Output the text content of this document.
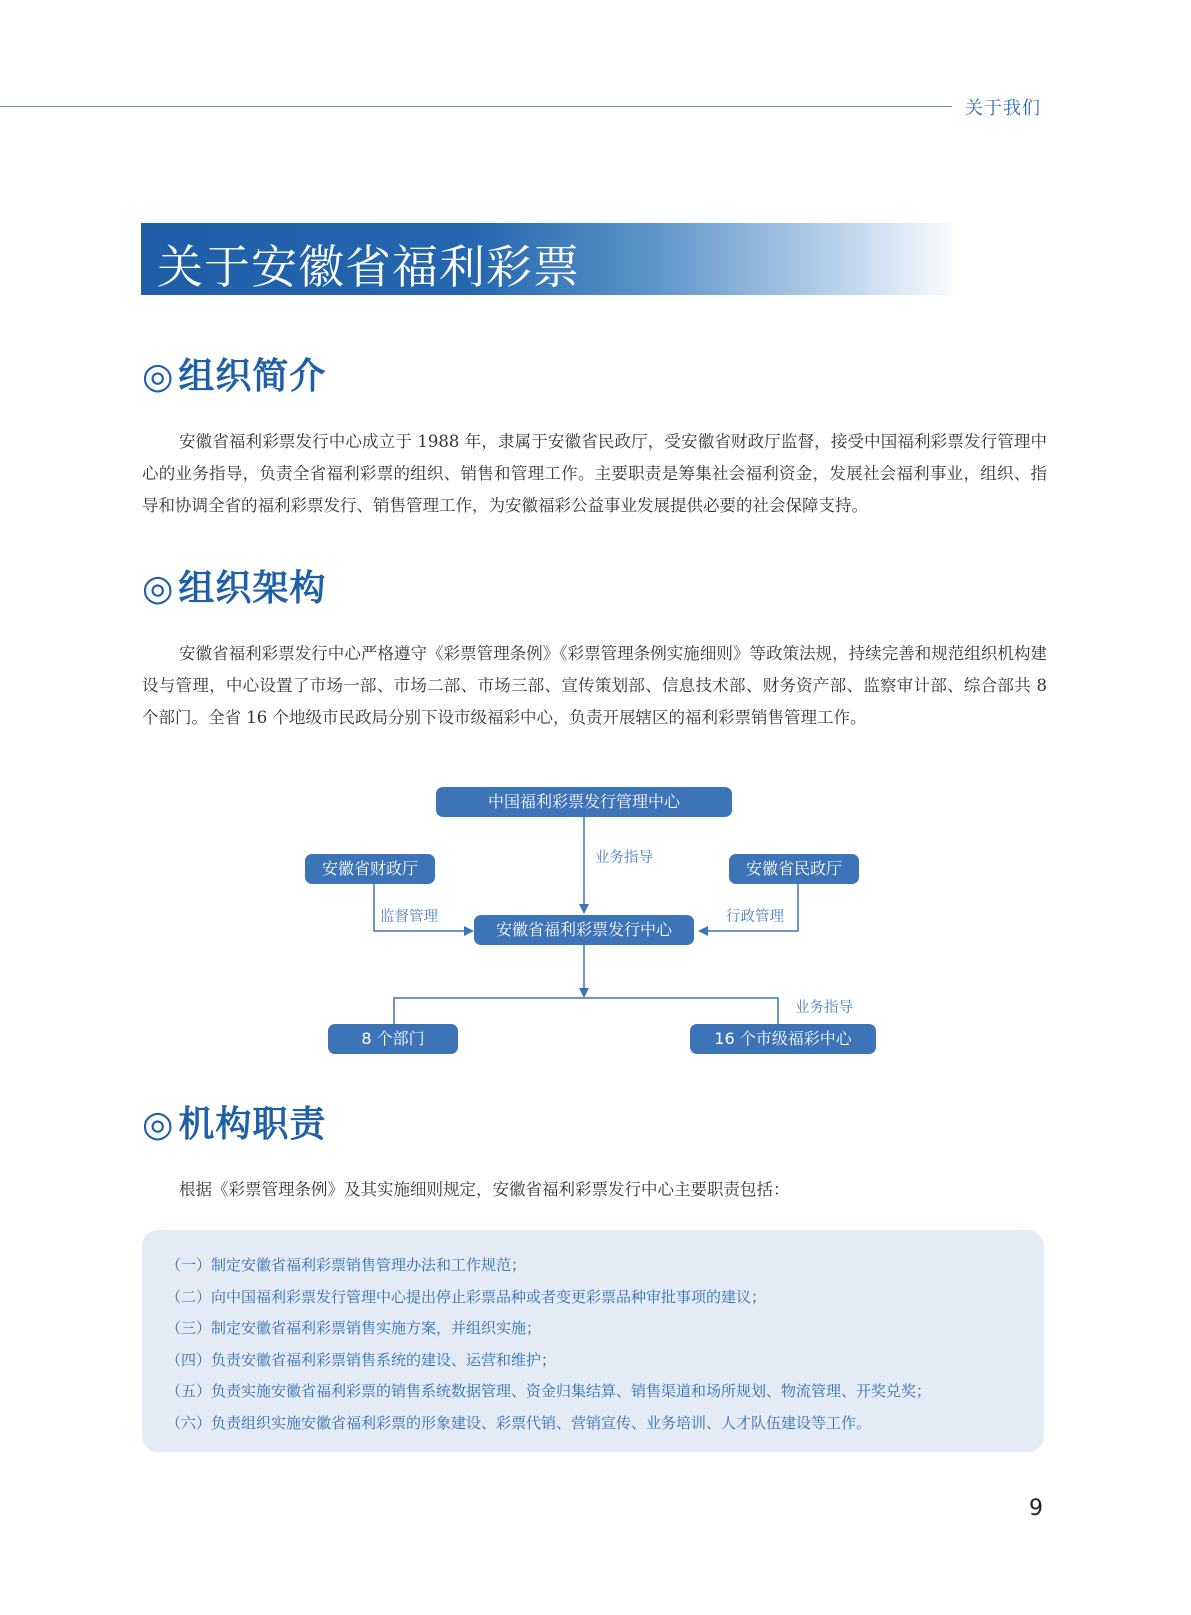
关于我们
关于安徽省福利彩票
◎ 组织简介

安徽省福利彩票发行中心成立于 1988 年，隶属于安徽省民政厅，受安徽省财政厅监督，接受中国福利彩票发行管理中心的业务指导，负责全省福利彩票的组织、销售和管理工作。主要职责是筹集社会福利资金，发展社会福利事业，组织、指导和协调全省的福利彩票发行、销售管理工作，为安徽福彩公益事业发展提供必要的社会保障支持。

◎ 组织架构

安徽省福利彩票发行中心严格遵守《彩票管理条例》《彩票管理条例实施细则》等政策法规，持续完善和规范组织机构建设与管理，中心设置了市场一部、市场二部、市场三部、宣传策划部、信息技术部、财务资产部、监察审计部、综合部共 8 个部门。全省 16 个地级市民政局分别下设市级福彩中心，负责开展辖区的福利彩票销售管理工作。

中国福利彩票发行管理中心
安徽省财政厅	安徽省民政厅
安徽省福利彩票发行中心
8 个部门	16 个市级福彩中心
业务指导
监督管理	行政管理
业务指导
◎ 机构职责

根据《彩票管理条例》及其实施细则规定，安徽省福利彩票发行中心主要职责包括：

（一）制定安徽省福利彩票销售管理办法和工作规范；
（二）向中国福利彩票发行管理中心提出停止彩票品种或者变更彩票品种审批事项的建议；
（三）制定安徽省福利彩票销售实施方案，并组织实施；
（四）负责安徽省福利彩票销售系统的建设、运营和维护；
（五）负责实施安徽省福利彩票的销售系统数据管理、资金归集结算、销售渠道和场所规划、物流管理、开奖兑奖；
（六）负责组织实施安徽省福利彩票的形象建设、彩票代销、营销宣传、业务培训、人才队伍建设等工作。
9
